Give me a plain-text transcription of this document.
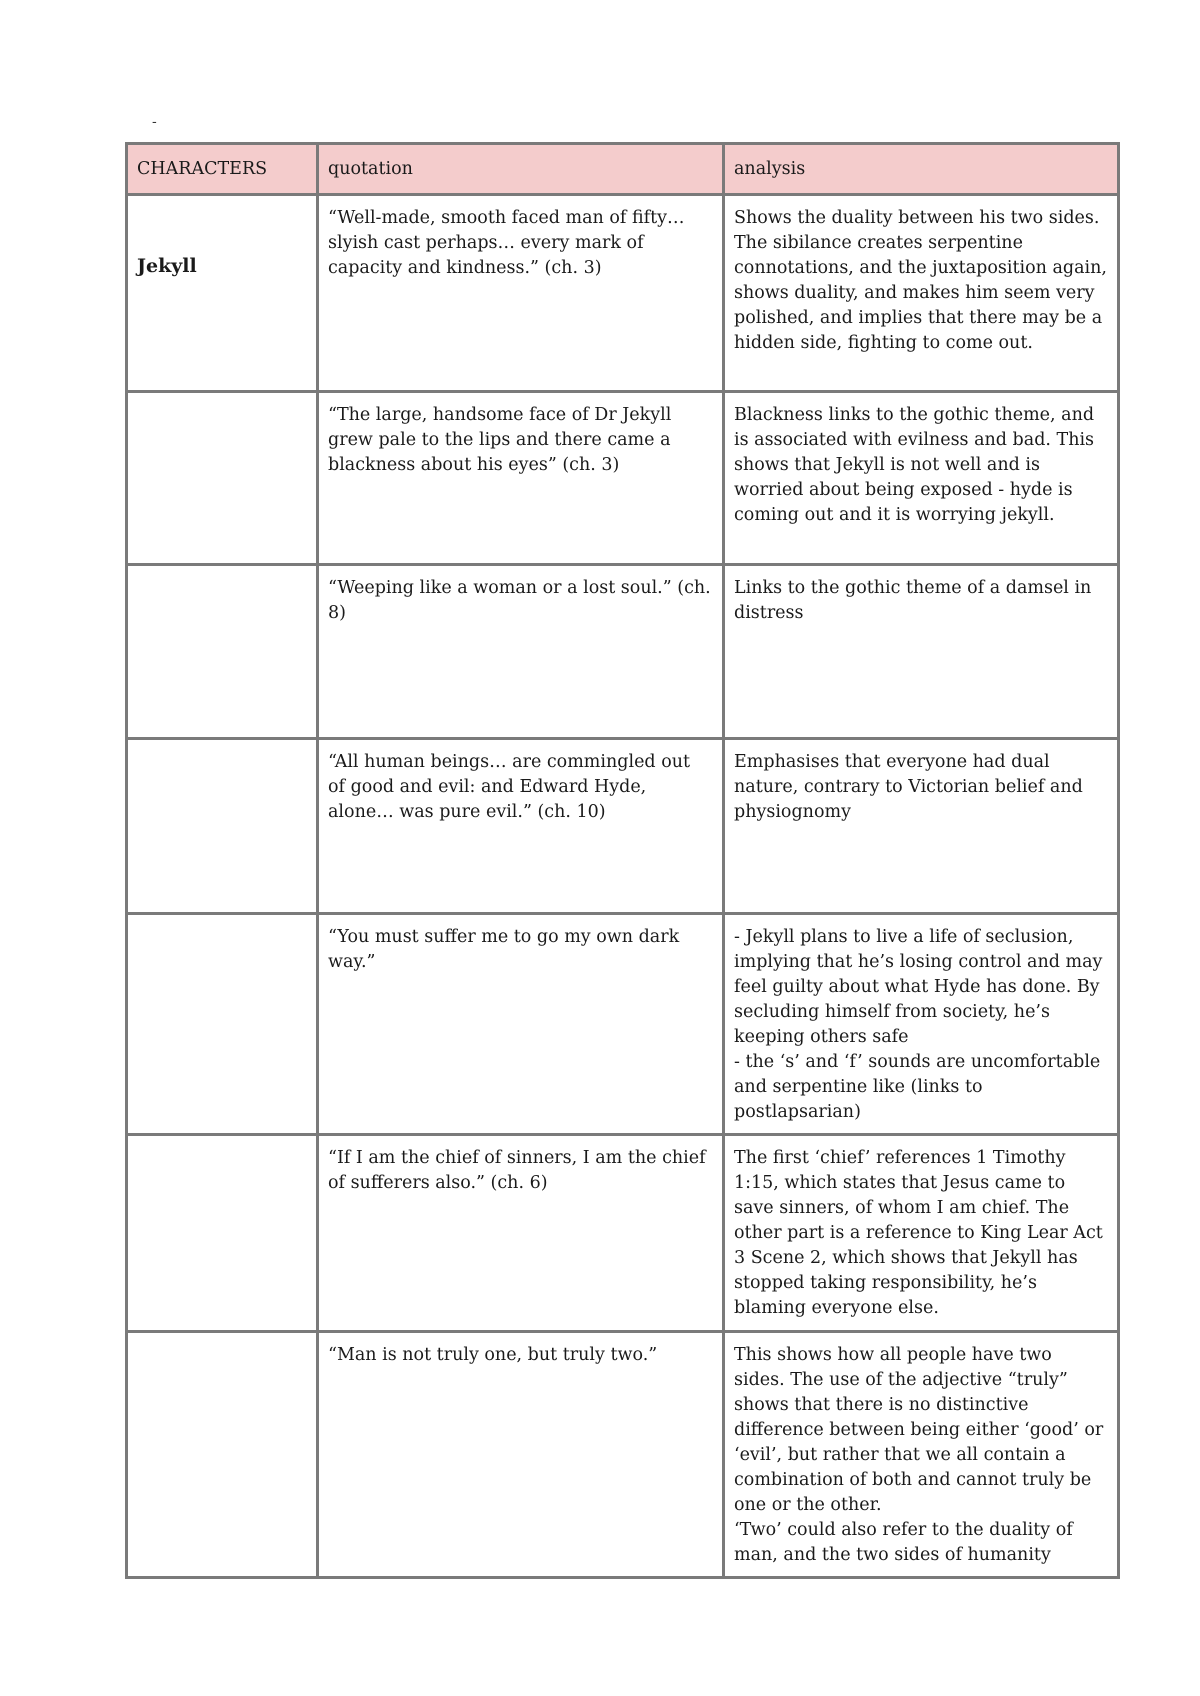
-
CHARACTERS	quotation	analysis

Jekyll	“Well-made, smooth faced man of fifty… slyish cast perhaps… every mark of capacity and kindness.” (ch. 3)	Shows the duality between his two sides. The sibilance creates serpentine connotations, and the juxtaposition again, shows duality, and makes him seem very polished, and implies that there may be a hidden side, fighting to come out.

	“The large, handsome face of Dr Jekyll grew pale to the lips and there came a blackness about his eyes” (ch. 3)	Blackness links to the gothic theme, and is associated with evilness and bad. This shows that Jekyll is not well and is worried about being exposed - hyde is coming out and it is worrying jekyll.

	“Weeping like a woman or a lost soul.” (ch. 8)	Links to the gothic theme of a damsel in distress

	“All human beings… are commingled out of good and evil: and Edward Hyde, alone… was pure evil.” (ch. 10)	Emphasises that everyone had dual nature, contrary to Victorian belief and physiognomy

	“You must suffer me to go my own dark way.”	- Jekyll plans to live a life of seclusion, implying that he’s losing control and may feel guilty about what Hyde has done. By secluding himself from society, he’s keeping others safe
- the ‘s’ and ‘f’ sounds are uncomfortable and serpentine like (links to postlapsarian)

	“If I am the chief of sinners, I am the chief of sufferers also.” (ch. 6)	The first ‘chief’ references 1 Timothy 1:15, which states that Jesus came to save sinners, of whom I am chief. The other part is a reference to King Lear Act 3 Scene 2, which shows that Jekyll has stopped taking responsibility, he’s blaming everyone else.

	“Man is not truly one, but truly two.”	This shows how all people have two sides. The use of the adjective “truly” shows that there is no distinctive difference between being either ‘good’ or ‘evil’, but rather that we all contain a combination of both and cannot truly be one or the other.
‘Two’ could also refer to the duality of man, and the two sides of humanity
